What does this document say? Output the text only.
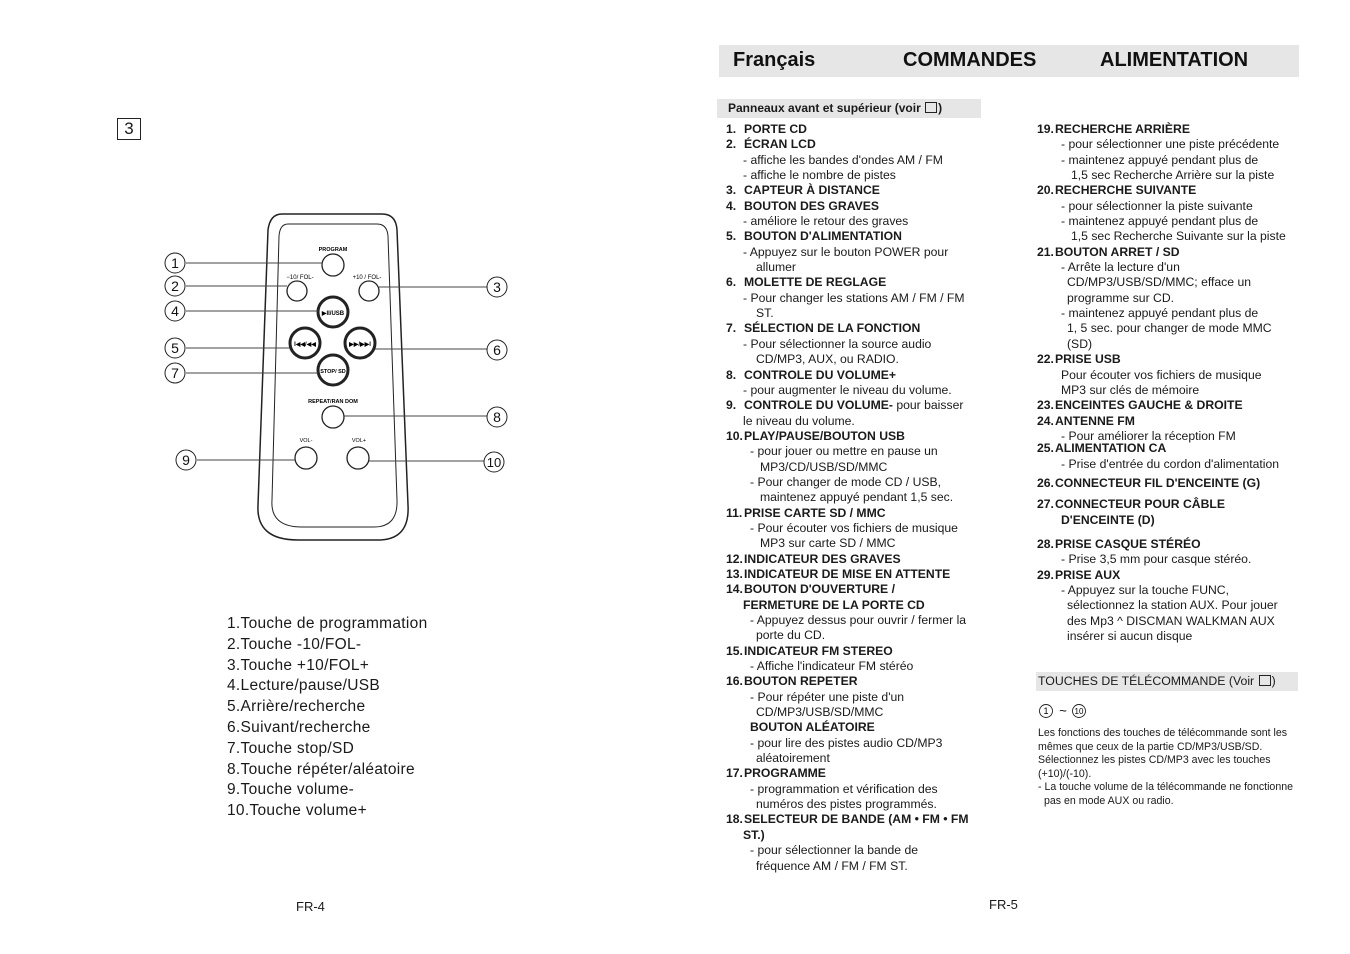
3
PROGRAM
−10/ FOL-	+10 / FOL-
REPEAT/RAN DOM
VOL-	VOL+
▶II/USB
I◀◀/◀◀	▶▶/▶▶I
STOP/ SD
1
2	3
4
5	6
7
8
9	10
1.Touche de programmation
2.Touche -10/FOL-
3.Touche +10/FOL+
4.Lecture/pause/USB
5.Arrière/recherche
6.Suivant/recherche
7.Touche stop/SD
8.Touche répéter/aléatoire
9.Touche volume-
10.Touche volume+
FR-4
Français	COMMANDES	ALIMENTATION
Panneaux avant et supérieur (voir )
1. PORTE CD
2. ÉCRAN LCD
- affiche les bandes d'ondes AM / FM
- affiche le nombre de pistes
3. CAPTEUR À DISTANCE
4. BOUTON DES GRAVES
- améliore le retour des graves
5. BOUTON D'ALIMENTATION
- Appuyez sur le bouton POWER pour
allumer
6. MOLETTE DE REGLAGE
- Pour changer les stations AM / FM / FM
ST.
7. SÉLECTION DE LA FONCTION
- Pour sélectionner la source audio
CD/MP3, AUX, ou RADIO.
8. CONTROLE DU VOLUME+
- pour augmenter le niveau du volume.
9. CONTROLE DU VOLUME- pour baisser
le niveau du volume.
10.PLAY/PAUSE/BOUTON USB
- pour jouer ou mettre en pause un
MP3/CD/USB/SD/MMC
- Pour changer de mode CD / USB,
maintenez appuyé pendant 1,5 sec.
11. PRISE CARTE SD / MMC
- Pour écouter vos fichiers de musique
MP3 sur carte SD / MMC
12.INDICATEUR DES GRAVES
13.INDICATEUR DE MISE EN ATTENTE
14.BOUTON D'OUVERTURE /
FERMETURE DE LA PORTE CD
- Appuyez dessus pour ouvrir / fermer la
porte du CD.
15.INDICATEUR FM STEREO
- Affiche l'indicateur FM stéréo
16.BOUTON REPETER
- Pour répéter une piste d'un
CD/MP3/USB/SD/MMC
BOUTON ALÉATOIRE
- pour lire des pistes audio CD/MP3
aléatoirement
17.PROGRAMME
- programmation et vérification des
numéros des pistes programmés.
18.SELECTEUR DE BANDE (AM • FM • FM
ST.)
- pour sélectionner la bande de
fréquence AM / FM / FM ST.
19.RECHERCHE ARRIÈRE
- pour sélectionner une piste précédente
- maintenez appuyé pendant plus de
1,5 sec Recherche Arrière sur la piste
20.RECHERCHE SUIVANTE
- pour sélectionner la piste suivante
- maintenez appuyé pendant plus de
1,5 sec Recherche Suivante sur la piste
21.BOUTON ARRET / SD
- Arrête la lecture d'un
CD/MP3/USB/SD/MMC; efface un
programme sur CD.
- maintenez appuyé pendant plus de
1, 5 sec. pour changer de mode MMC
(SD)
22.PRISE USB
Pour écouter vos fichiers de musique
MP3 sur clés de mémoire
23.ENCEINTES GAUCHE & DROITE
24.ANTENNE FM
- Pour améliorer la réception FM
25.ALIMENTATION CA
- Prise d'entrée du cordon d'alimentation
26.CONNECTEUR FIL D'ENCEINTE (G)
27.CONNECTEUR POUR CÂBLE
D'ENCEINTE (D)
28.PRISE CASQUE STÉRÉO
- Prise 3,5 mm pour casque stéréo.
29.PRISE AUX
- Appuyez sur la touche FUNC,
sélectionnez la station AUX. Pour jouer
des Mp3 ^ DISCMAN WALKMAN AUX
insérer si aucun disque
TOUCHES DE TÉLÉCOMMANDE (Voir )
1 ~ 10
Les fonctions des touches de télécommande sont les
mêmes que ceux de la partie CD/MP3/USB/SD.
Sélectionnez les pistes CD/MP3 avec les touches
(+10)/(-10).
- La touche volume de la télécommande ne fonctionne
pas en mode AUX ou radio.
FR-5
